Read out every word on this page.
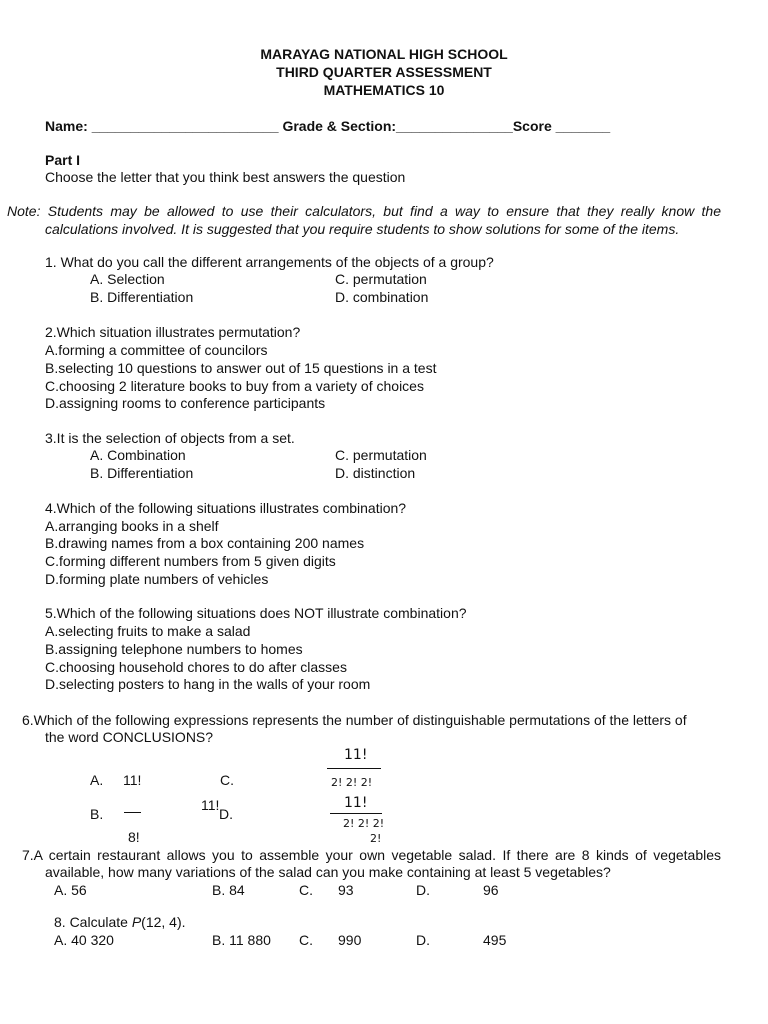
MARAYAG NATIONAL HIGH SCHOOL
THIRD QUARTER ASSESSMENT
MATHEMATICS 10
Name: ________________________ Grade & Section:_______________Score _______
Part I
Choose the letter that you think best answers the question
Note: Students may be allowed to use their calculators, but find a way to ensure that they really know the
calculations involved. It is suggested that you require students to show solutions for some of the items.
1. What do you call the different arrangements of the objects of a group?
A. Selection
B. Differentiation
C. permutation
D. combination
2.Which situation illustrates permutation?
A.forming a committee of councilors
B.selecting 10 questions to answer out of 15 questions in a test
C.choosing 2 literature books to buy from a variety of choices
D.assigning rooms to conference participants
3.It is the selection of objects from a set.
A. Combination
B. Differentiation
C. permutation
D. distinction
4.Which of the following situations illustrates combination?
A.arranging books in a shelf
B.drawing names from a box containing 200 names
C.forming different numbers from 5 given digits
D.forming plate numbers of vehicles
5.Which of the following situations does NOT illustrate combination?
A.selecting fruits to make a salad
B.assigning telephone numbers to homes
C.choosing household chores to do after classes
D.selecting posters to hang in the walls of your room
6.Which of the following expressions represents the number of distinguishable permutations of the letters of
the word CONCLUSIONS?
A. 11!	C.
11!
2! 2! 2!
B.
11!
8!
D.
11!
2! 2! 2!
2!
7.A certain restaurant allows you to assemble your own vegetable salad. If there are 8 kinds of vegetables
available, how many variations of the salad can you make containing at least 5 vegetables?
A. 56	B. 84	C. 93	D.	96
8. Calculate P(12, 4).
A. 40 320	B. 11 880 C. 990	D.	495
